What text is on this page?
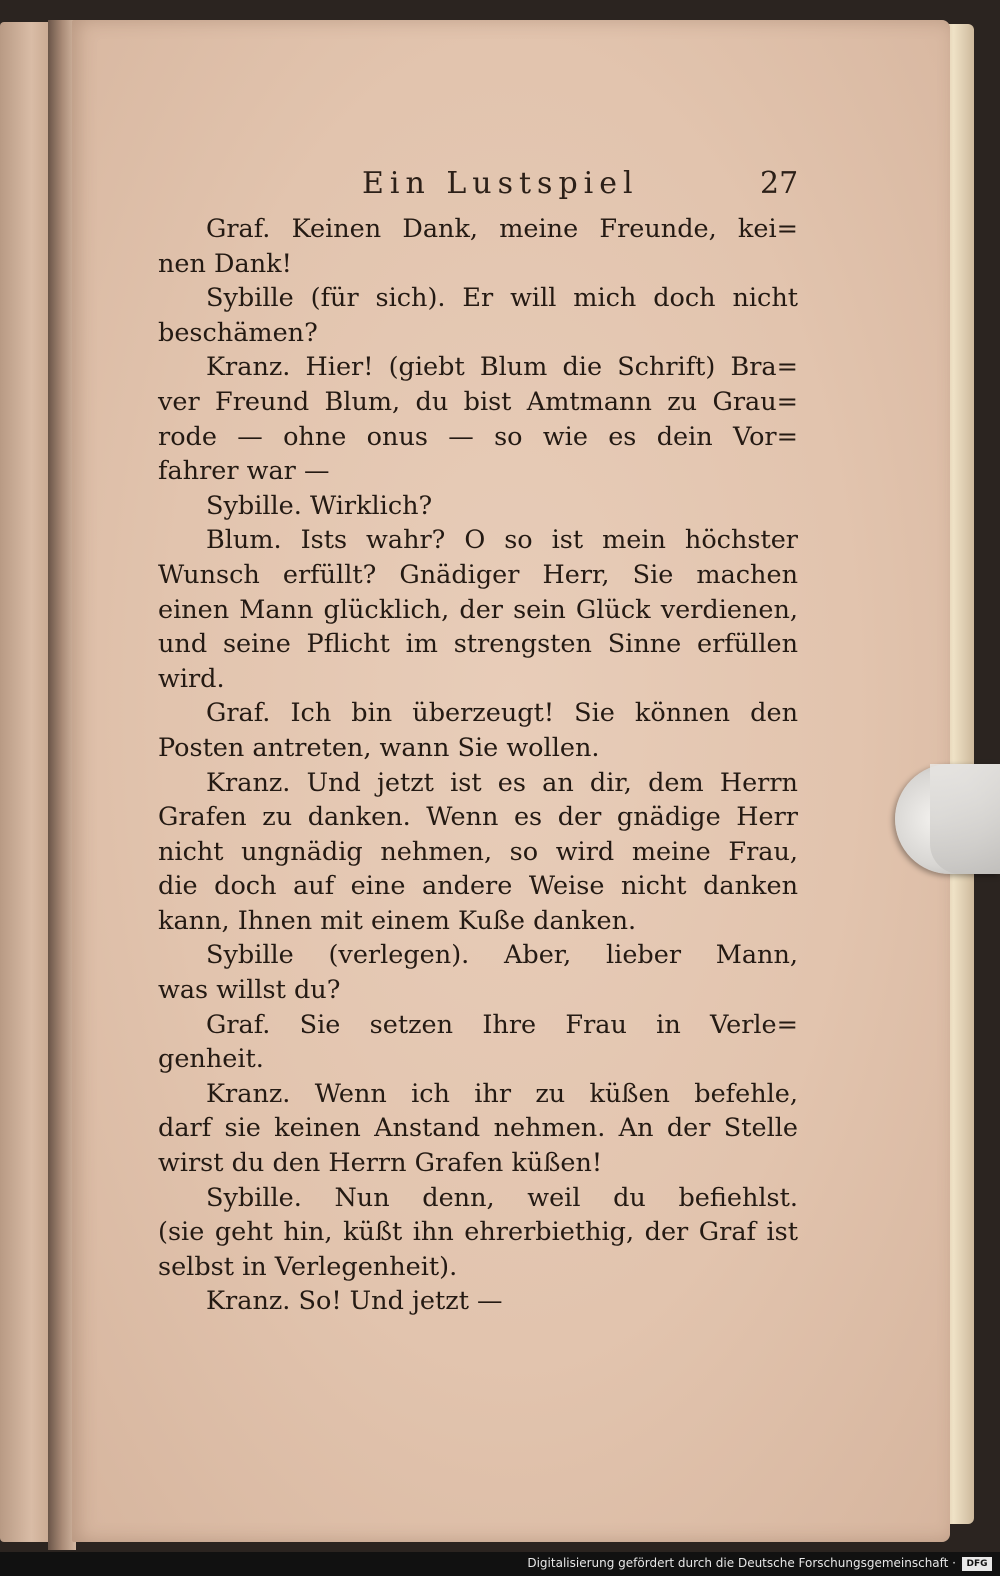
Ein Lustspiel	27
Graf. Keinen Dank, meine Freunde, kei=
nen Dank!
Sybille (für sich). Er will mich doch nicht
beschämen?
Kranz. Hier! (giebt Blum die Schrift) Bra=
ver Freund Blum, du bist Amtmann zu Grau=
rode — ohne onus — so wie es dein Vor=
fahrer war —
Sybille. Wirklich?
Blum. Ists wahr? O so ist mein höchster
Wunsch erfüllt? Gnädiger Herr, Sie machen
einen Mann glücklich, der sein Glück verdienen,
und seine Pflicht im strengsten Sinne erfüllen
wird.
Graf. Ich bin überzeugt! Sie können den
Posten antreten, wann Sie wollen.
Kranz. Und jetzt ist es an dir, dem Herrn
Grafen zu danken. Wenn es der gnädige Herr
nicht ungnädig nehmen, so wird meine Frau,
die doch auf eine andere Weise nicht danken
kann, Ihnen mit einem Kuße danken.
Sybille (verlegen). Aber, lieber Mann,
was willst du?
Graf. Sie setzen Ihre Frau in Verle=
genheit.
Kranz. Wenn ich ihr zu küßen befehle,
darf sie keinen Anstand nehmen. An der Stelle
wirst du den Herrn Grafen küßen!
Sybille. Nun denn, weil du befiehlst.
(sie geht hin, küßt ihn ehrerbiethig, der Graf ist
selbst in Verlegenheit).
Kranz. So! Und jetzt —
Digitalisierung gefördert durch die Deutsche Forschungsgemeinschaft ·	DFG
